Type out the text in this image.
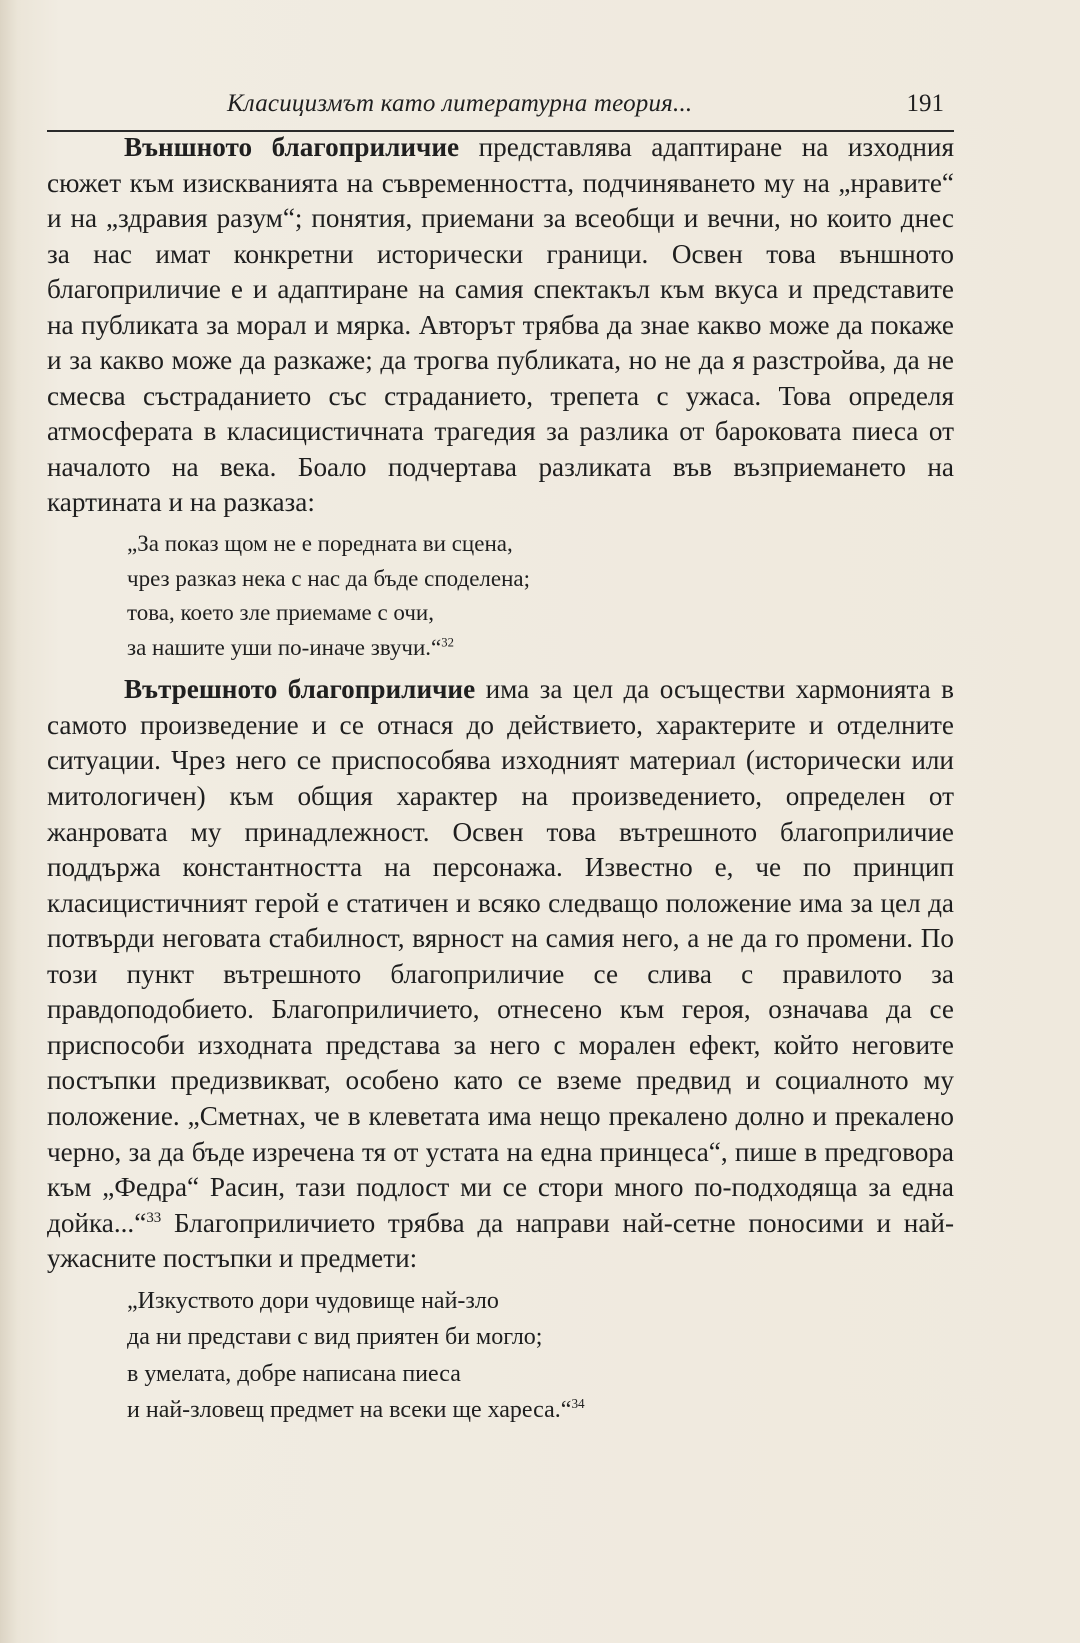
Класицизмът като литературна теория...	191

Външното благоприличие представлява адаптиране на изходния сюжет към изискванията на съвременността, подчиняването му на „нравите“ и на „здравия разум“; понятия, приемани за всеобщи и вечни, но които днес за нас имат конкретни исторически граници. Освен това външното благоприличие е и адаптиране на самия спектакъл към вкуса и представите на публиката за морал и мярка. Авторът трябва да знае какво може да покаже и за какво може да разкаже; да трогва публиката, но не да я разстройва, да не смесва състраданието със страданието, трепета с ужаса. Това определя атмосферата в класицистичната трагедия за разлика от бароковата пиеса от началото на века. Боало подчертава разликата във възприемането на картината и на разказа:

„За показ щом не е поредната ви сцена,
чрез разказ нека с нас да бъде споделена;
това, което зле приемаме с очи,
за нашите уши по-иначе звучи.“$^{32}$

Вътрешното благоприличие има за цел да осъществи хармонията в самото произведение и се отнася до действието, характерите и отделните ситуации. Чрез него се приспособява изходният материал (исторически или митологичен) към общия характер на произведението, определен от жанровата му принадлежност. Освен това вътрешното благоприличие поддържа константността на персонажа. Известно е, че по принцип класицистичният герой е статичен и всяко следващо положение има за цел да потвърди неговата стабилност, вярност на самия него, а не да го промени. По този пункт вътрешното благоприличие се слива с правилото за правдоподобието. Благоприличието, отнесено към героя, означава да се приспособи изходната представа за него с морален ефект, който неговите постъпки предизвикват, особено като се вземе предвид и социалното му положение. „Сметнах, че в клеветата има нещо прекалено долно и прекалено черно, за да бъде изречена тя от устата на една принцеса“, пише в предговора към „Федра“ Расин, тази подлост ми се стори много по-подходяща за една дойка...“$^{33}$ Благоприличието трябва да направи най-сетне поносими и най-ужасните постъпки и предмети:

„Изкуството дори чудовище най-зло
да ни представи с вид приятен би могло;
в умелата, добре написана пиеса
и най-зловещ предмет на всеки ще хареса.“$^{34}$
